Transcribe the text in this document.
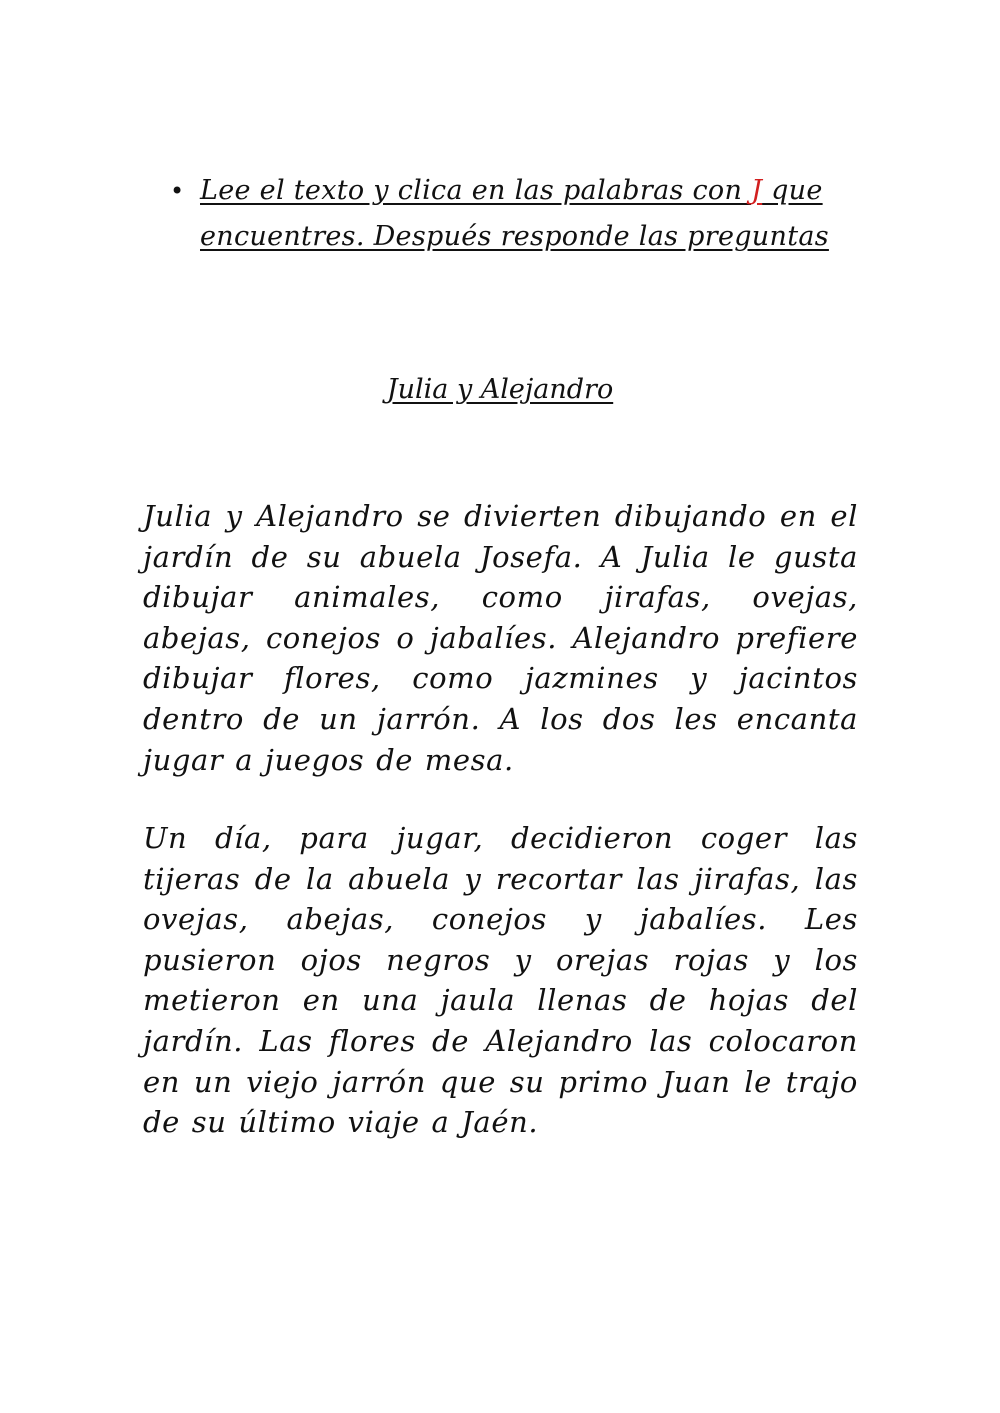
• Lee el texto y clica en las palabras con J que encuentres. Después responde las preguntas
Julia y Alejandro

Julia y Alejandro se divierten dibujando en el jardín de su abuela Josefa. A Julia le gusta dibujar animales, como jirafas, ovejas, abejas, conejos o jabalíes. Alejandro prefiere dibujar flores, como jazmines y jacintos dentro de un jarrón. A los dos les encanta jugar a juegos de mesa.

Un día, para jugar, decidieron coger las tijeras de la abuela y recortar las jirafas, las ovejas, abejas, conejos y jabalíes. Les pusieron ojos negros y orejas rojas y los metieron en una jaula llenas de hojas del jardín. Las flores de Alejandro las colocaron en un viejo jarrón que su primo Juan le trajo de su último viaje a Jaén.
